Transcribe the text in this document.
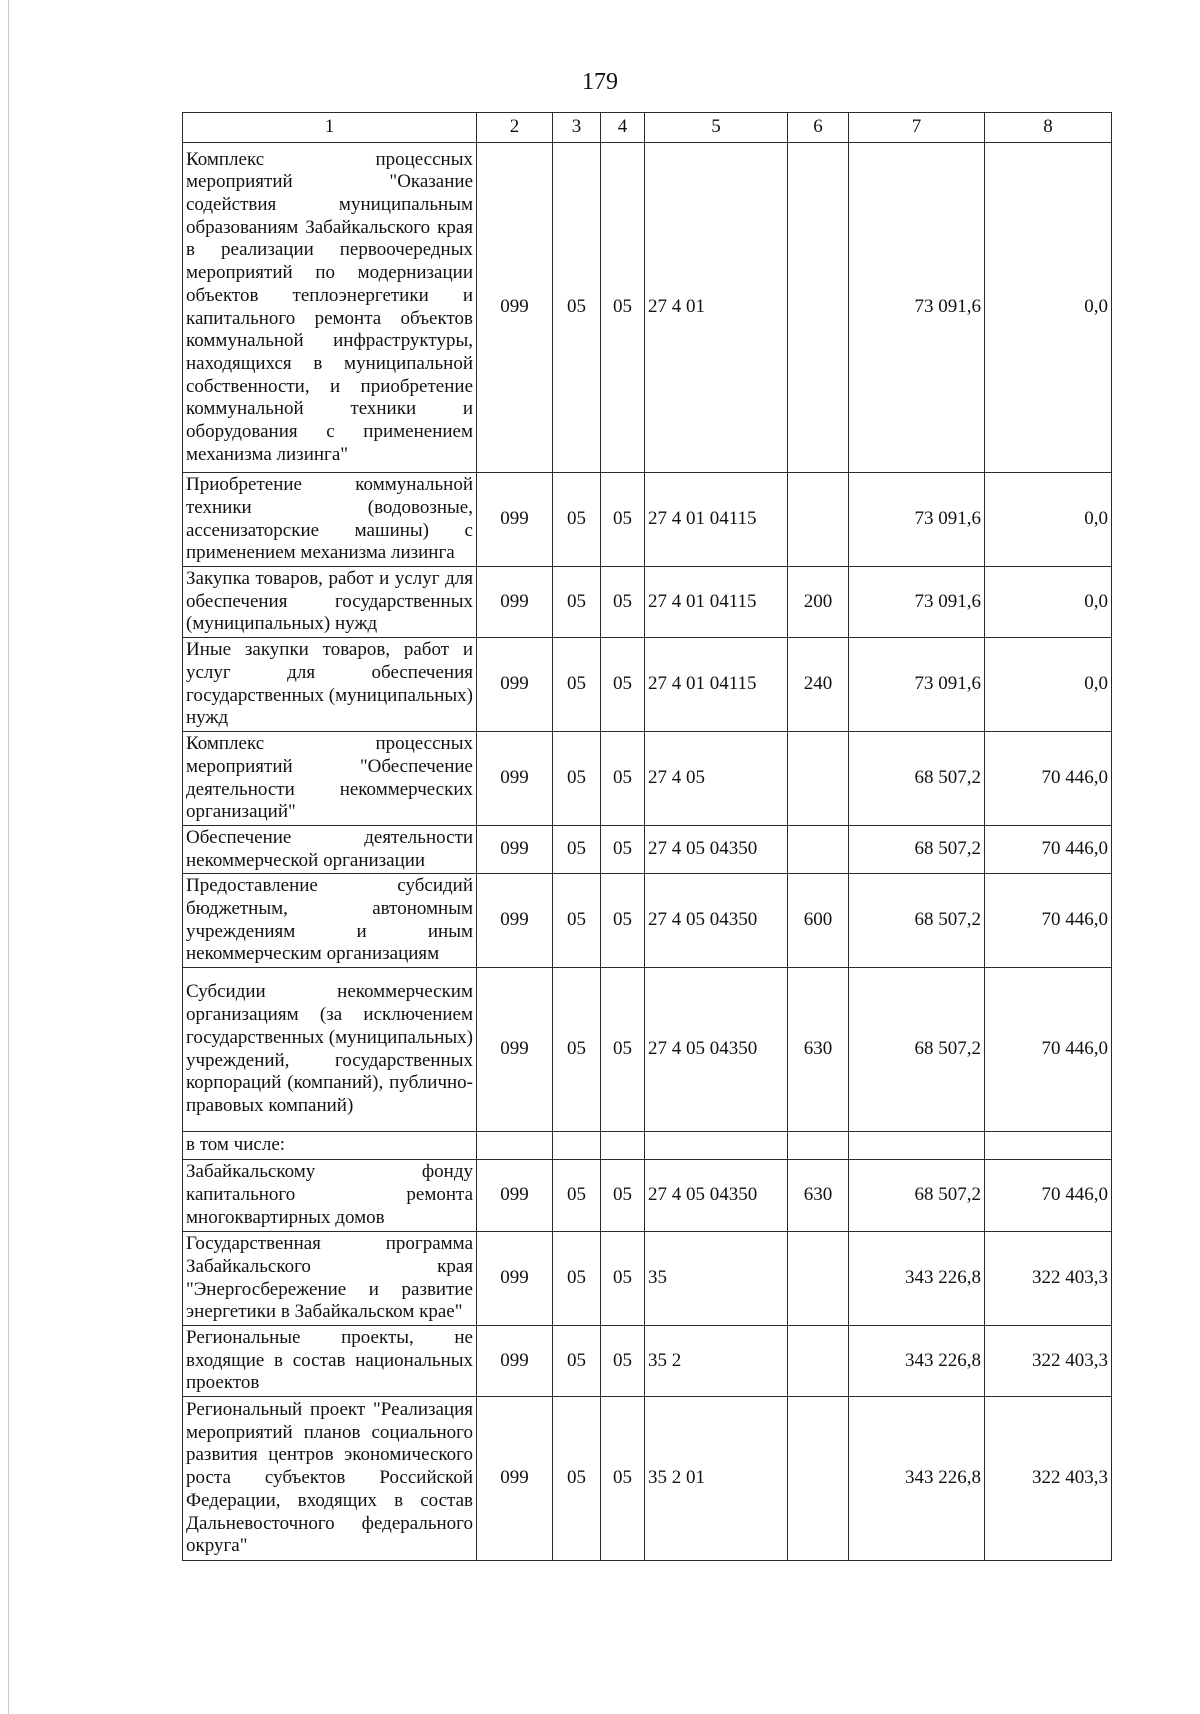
179
1	2	3	4	5	6	7	8
Комплекс процессных мероприятий "Оказание содействия муниципальным образованиям Забайкальского края в реализации первоочередных мероприятий по модернизации объектов теплоэнергетики и капитального ремонта объектов коммунальной инфраструктуры, находящихся в муниципальной собственности, и приобретение коммунальной техники и оборудования с применением механизма лизинга"	099	05	05	27 4 01		73 091,6	0,0
Приобретение коммунальной техники (водовозные, ассенизаторские машины) с применением механизма лизинга	099	05	05	27 4 01 04115		73 091,6	0,0
Закупка товаров, работ и услуг для обеспечения государственных (муниципальных) нужд	099	05	05	27 4 01 04115	200	73 091,6	0,0
Иные закупки товаров, работ и услуг для обеспечения государственных (муниципальных) нужд	099	05	05	27 4 01 04115	240	73 091,6	0,0
Комплекс процессных мероприятий "Обеспечение деятельности некоммерческих организаций"	099	05	05	27 4 05		68 507,2	70 446,0
Обеспечение деятельности некоммерческой организации	099	05	05	27 4 05 04350		68 507,2	70 446,0
Предоставление субсидий бюджетным, автономным учреждениям и иным некоммерческим организациям	099	05	05	27 4 05 04350	600	68 507,2	70 446,0
Субсидии некоммерческим организациям (за исключением государственных (муниципальных) учреждений, государственных корпораций (компаний), публично-правовых компаний)	099	05	05	27 4 05 04350	630	68 507,2	70 446,0
в том числе:							
Забайкальскому фонду капитального ремонта многоквартирных домов	099	05	05	27 4 05 04350	630	68 507,2	70 446,0
Государственная программа Забайкальского края "Энергосбережение и развитие энергетики в Забайкальском крае"	099	05	05	35		343 226,8	322 403,3
Региональные проекты, не входящие в состав национальных проектов	099	05	05	35 2		343 226,8	322 403,3
Региональный проект "Реализация мероприятий планов социального развития центров экономического роста субъектов Российской Федерации, входящих в состав Дальневосточного федерального округа"	099	05	05	35 2 01		343 226,8	322 403,3
